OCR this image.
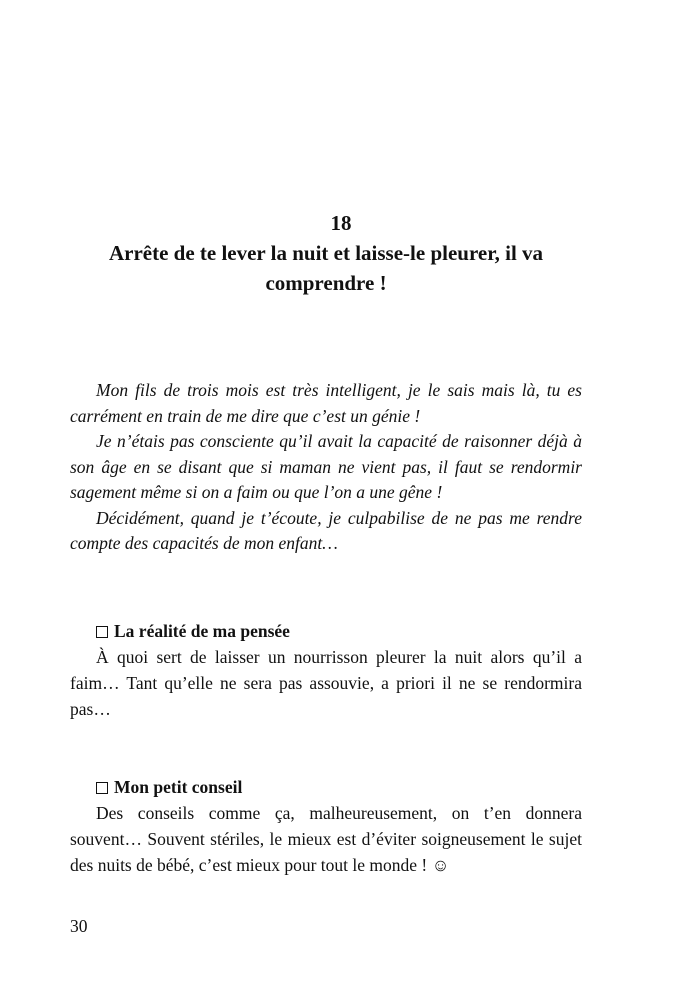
18
Arrête de te lever la nuit et laisse-le pleurer, il va comprendre !

Mon fils de trois mois est très intelligent, je le sais mais là, tu es carrément en train de me dire que c’est un génie !

Je n’étais pas consciente qu’il avait la capacité de raisonner déjà à son âge en se disant que si maman ne vient pas, il faut se rendormir sagement même si on a faim ou que l’on a une gêne !

Décidément, quand je t’écoute, je culpabilise de ne pas me rendre compte des capacités de mon enfant…

La réalité de ma pensée

À quoi sert de laisser un nourrisson pleurer la nuit alors qu’il a faim… Tant qu’elle ne sera pas assouvie, a priori il ne se rendormira pas…

Mon petit conseil

Des conseils comme ça, malheureusement, on t’en donnera souvent… Souvent stériles, le mieux est d’éviter soigneusement le sujet des nuits de bébé, c’est mieux pour tout le monde ! ☺

30
